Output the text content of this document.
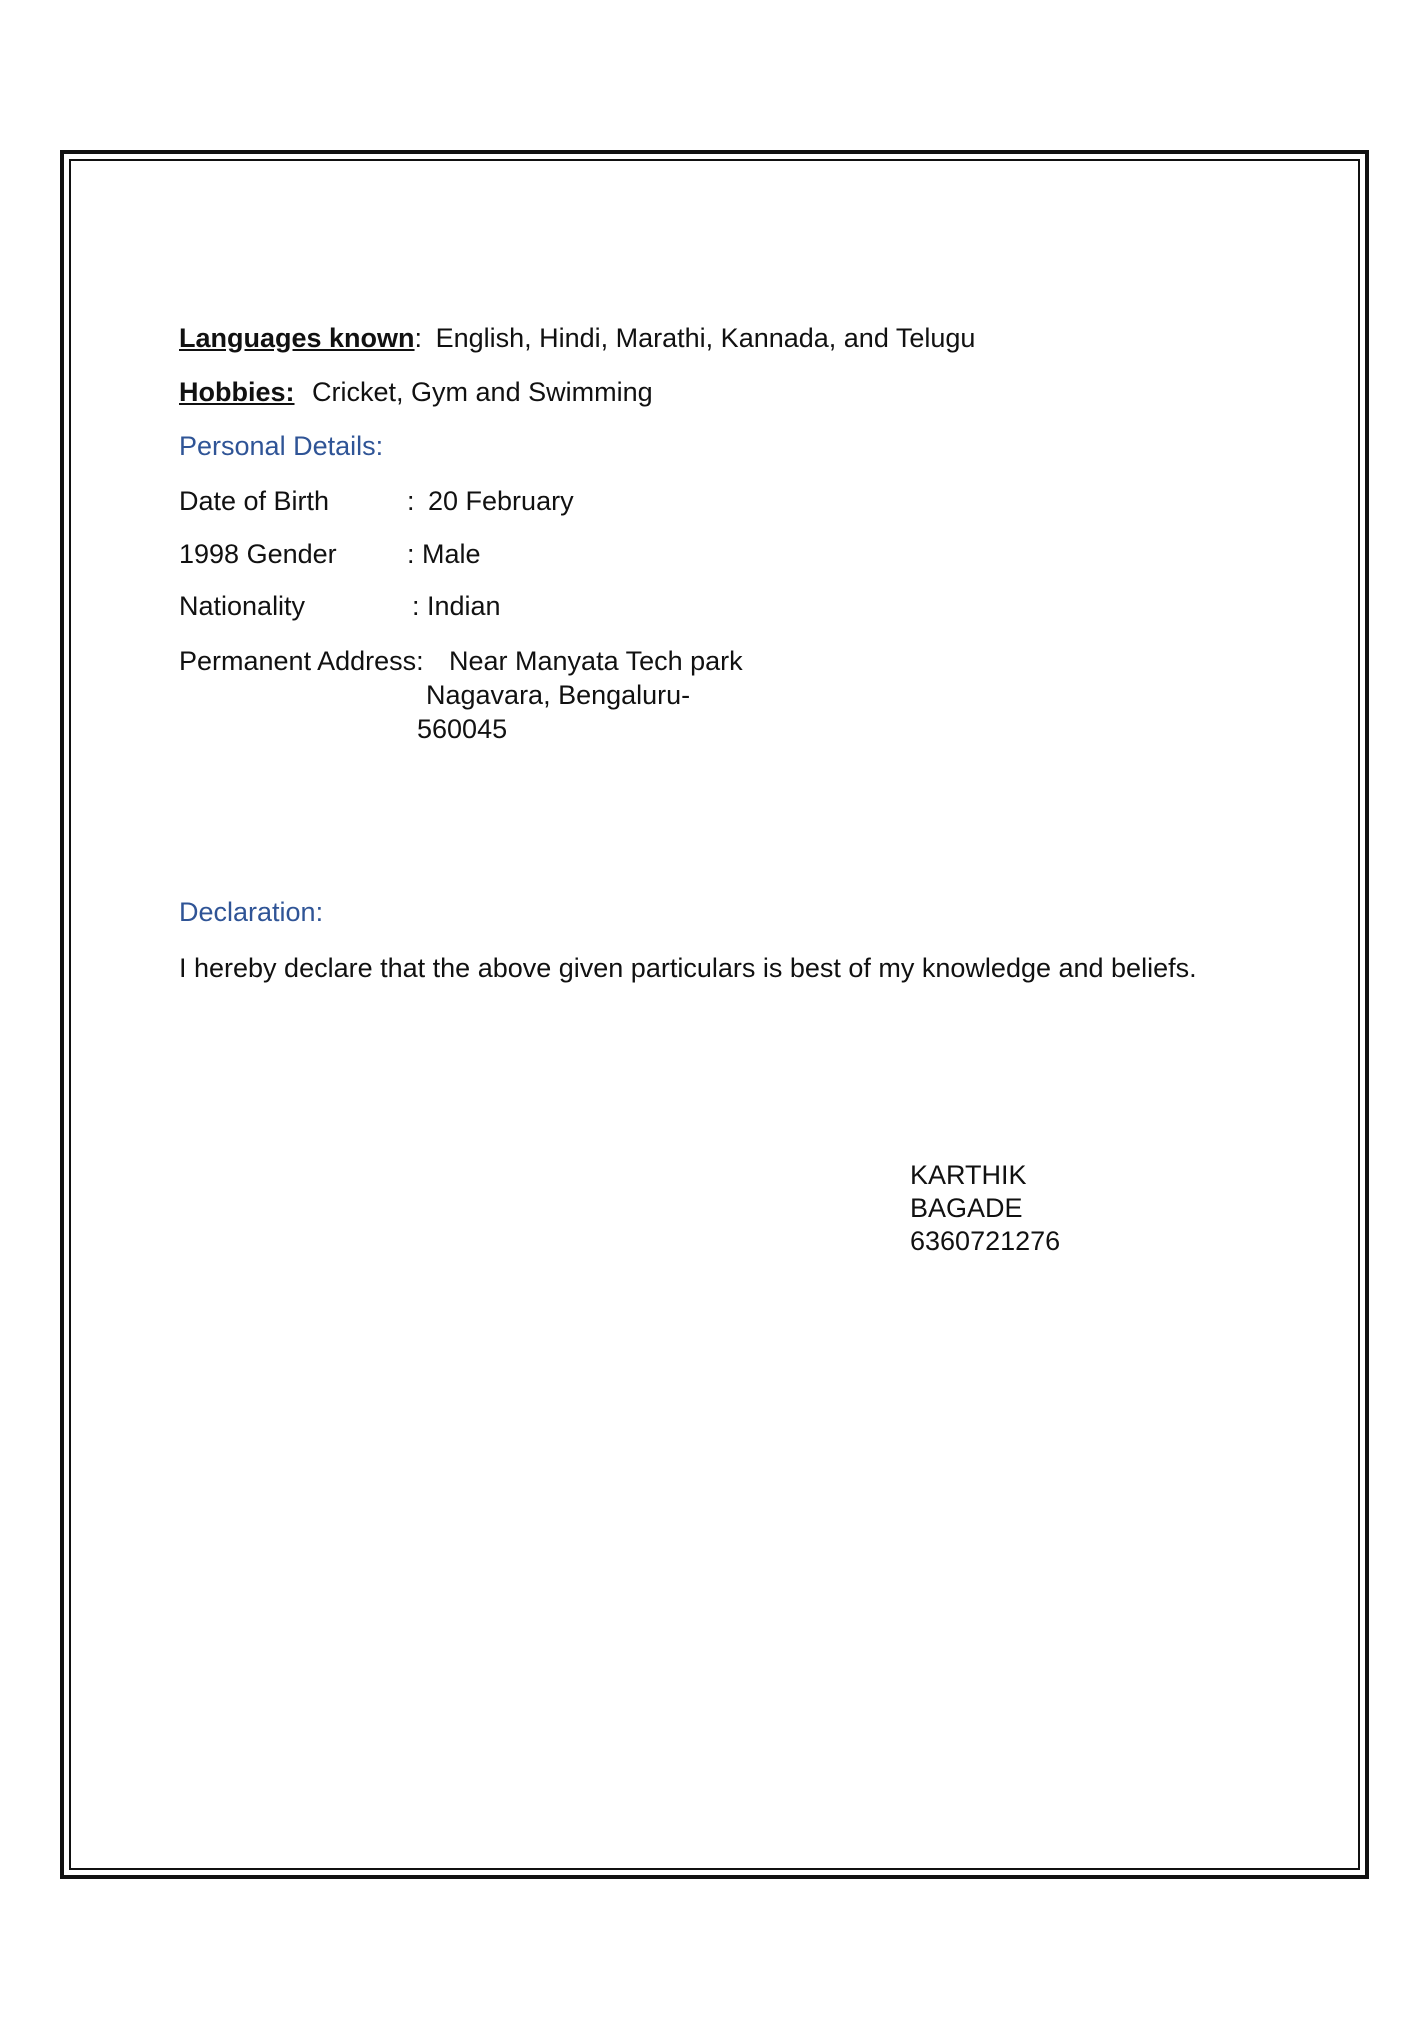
Languages known: English, Hindi, Marathi, Kannada, and Telugu
Hobbies: Cricket, Gym and Swimming
Personal Details:
Date of Birth	: 20 February
1998 Gender	: Male
Nationality	: Indian
Permanent Address: Near Manyata Tech park
Nagavara, Bengaluru-
560045
Declaration:
I hereby declare that the above given particulars is best of my knowledge and beliefs.
KARTHIK
BAGADE
6360721276
